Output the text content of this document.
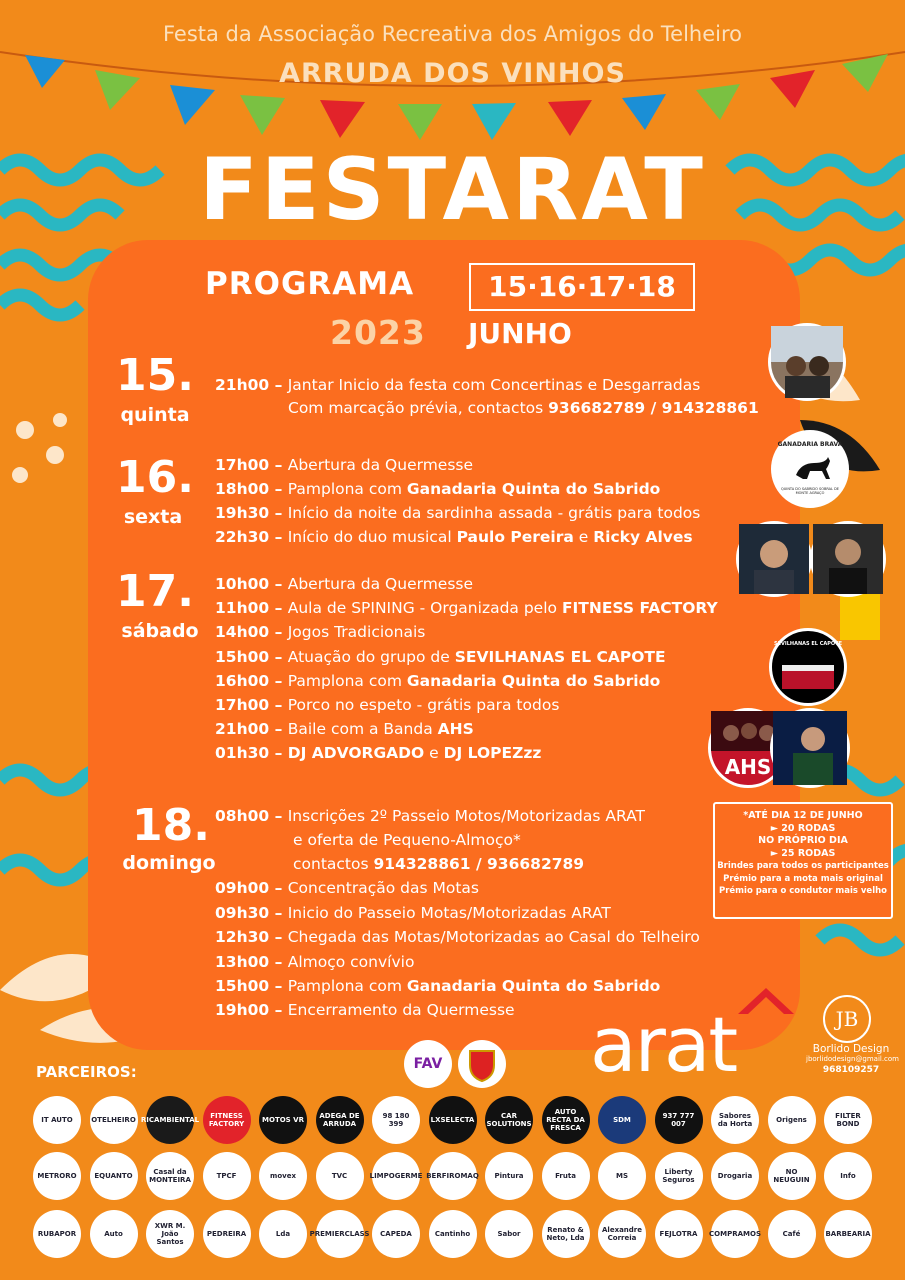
Festa da Associação Recreativa dos Amigos do Telheiro
ARRUDA DOS VINHOS
FESTARAT
PROGRAMA	15·16·17·18
2023 JUNHO
15.
quinta
21h00 – Jantar Inicio da festa com Concertinas e Desgarradas
Com marcação prévia, contactos 936682789 / 914328861
16.
sexta
17h00 – Abertura da Quermesse
18h00 – Pamplona com Ganadaria Quinta do Sabrido
19h30 – Início da noite da sardinha assada - grátis para todos
22h30 – Início do duo musical Paulo Pereira e Ricky Alves
17.
sábado
10h00 – Abertura da Quermesse
11h00 – Aula de SPINING - Organizada pelo FITNESS FACTORY
14h00 – Jogos Tradicionais
15h00 – Atuação do grupo de SEVILHANAS EL CAPOTE
16h00 – Pamplona com Ganadaria Quinta do Sabrido
17h00 – Porco no espeto - grátis para todos
21h00 – Baile com a Banda AHS
01h30 – DJ ADVORGADO e DJ LOPEZzz
18.
domingo
08h00 – Inscrições 2º Passeio Motos/Motorizadas ARAT
e oferta de Pequeno-Almoço*
contactos 914328861 / 936682789
09h00 – Concentração das Motas
09h30 – Inicio do Passeio Motas/Motorizadas ARAT
12h30 – Chegada das Motas/Motorizadas ao Casal do Telheiro
13h00 – Almoço convívio
15h00 – Pamplona com Ganadaria Quinta do Sabrido
19h00 – Encerramento da Quermesse
GANADARIA BRAVA
QUINTA DO SABRIDO SOBRAL DE MONTE AGRAÇO
SEVILHANAS EL CAPOTE
AHS
*ATÉ DIA 12 DE JUNHO
► 20 RODAS
NO PRÓPRIO DIA
► 25 RODAS
Brindes para todos os participantes
Prémio para a mota mais original
Prémio para o condutor mais velho
arat	JB
Borlido Design
jborlidodesign@gmail.com
968109257
FAV
PARCEIROS:
IT AUTO	OTELHEIRO RICAMBIENTAL	FITNESS FACTORY	MOTOS VR	ADEGA DE ARRUDA
98 180 399	LXSELECTA	CAR SOLUTIONS
AUTO RECTA DA FRESCA
SDM	937 777 007
Sabores da Horta	Origens	FILTER BOND
METRORO	EQUANTO	Casal da MONTEIRA	TPCF	movex	TVC	LIMPOGERME BERFIROMAQ	Pintura	Fruta	MS	Liberty Seguros	Drogaria	NO NEUGUIN	Info
RUBAPOR	Auto
XWR M. João Santos
PEDREIRA	Lda	PREMIERCLASS	CAPEDA	Cantinho	Sabor	Renato & Neto, Lda
Alexandre Correia	FEJLOTRA	COMPRAMOS	Café	BARBEARIA
